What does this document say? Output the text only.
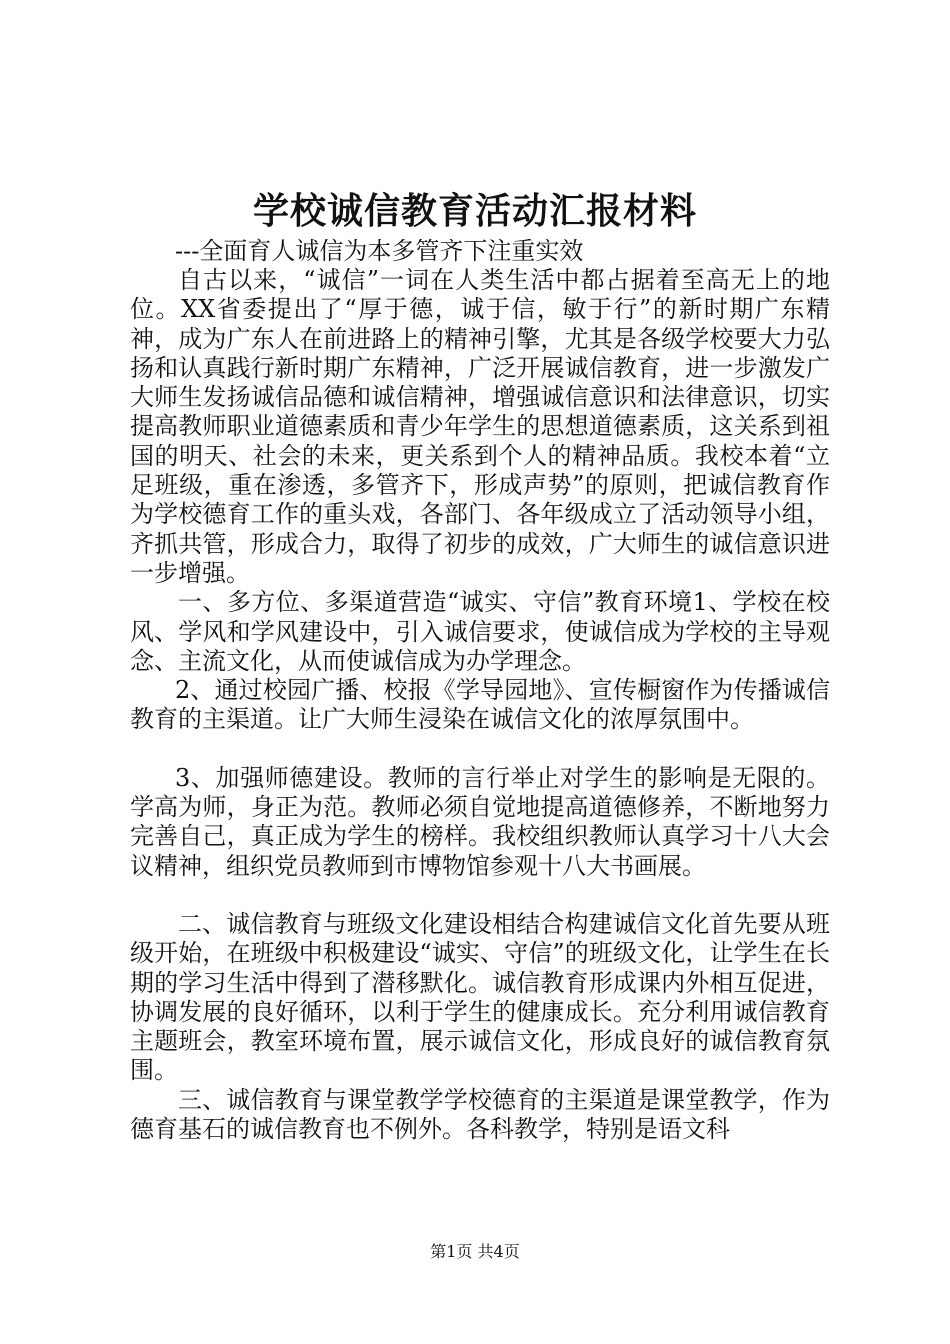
学校诚信教育活动汇报材料
---全面育人诚信为本多管齐下注重实效

自古以来，“诚信”一词在人类生活中都占据着至高无上的地位。XX省委提出了“厚于德，诚于信，敏于行”的新时期广东精神，成为广东人在前进路上的精神引擎，尤其是各级学校要大力弘扬和认真践行新时期广东精神，广泛开展诚信教育，进一步激发广大师生发扬诚信品德和诚信精神，增强诚信意识和法律意识，切实提高教师职业道德素质和青少年学生的思想道德素质，这关系到祖国的明天、社会的未来，更关系到个人的精神品质。我校本着“立足班级，重在渗透，多管齐下，形成声势”的原则，把诚信教育作为学校德育工作的重头戏，各部门、各年级成立了活动领导小组，齐抓共管，形成合力，取得了初步的成效，广大师生的诚信意识进一步增强。

一、多方位、多渠道营造“诚实、守信”教育环境1、学校在校风、学风和学风建设中，引入诚信要求，使诚信成为学校的主导观念、主流文化，从而使诚信成为办学理念。

2、通过校园广播、校报《学导园地》、宣传橱窗作为传播诚信教育的主渠道。让广大师生浸染在诚信文化的浓厚氛围中。

3、加强师德建设。教师的言行举止对学生的影响是无限的。学高为师，身正为范。教师必须自觉地提高道德修养，不断地努力完善自己，真正成为学生的榜样。我校组织教师认真学习十八大会议精神，组织党员教师到市博物馆参观十八大书画展。

二、诚信教育与班级文化建设相结合构建诚信文化首先要从班级开始，在班级中积极建设“诚实、守信”的班级文化，让学生在长期的学习生活中得到了潜移默化。诚信教育形成课内外相互促进，协调发展的良好循环，以利于学生的健康成长。充分利用诚信教育主题班会，教室环境布置，展示诚信文化，形成良好的诚信教育氛围。

三、诚信教育与课堂教学学校德育的主渠道是课堂教学，作为德育基石的诚信教育也不例外。各科教学，特别是语文科

第1页 共4页
